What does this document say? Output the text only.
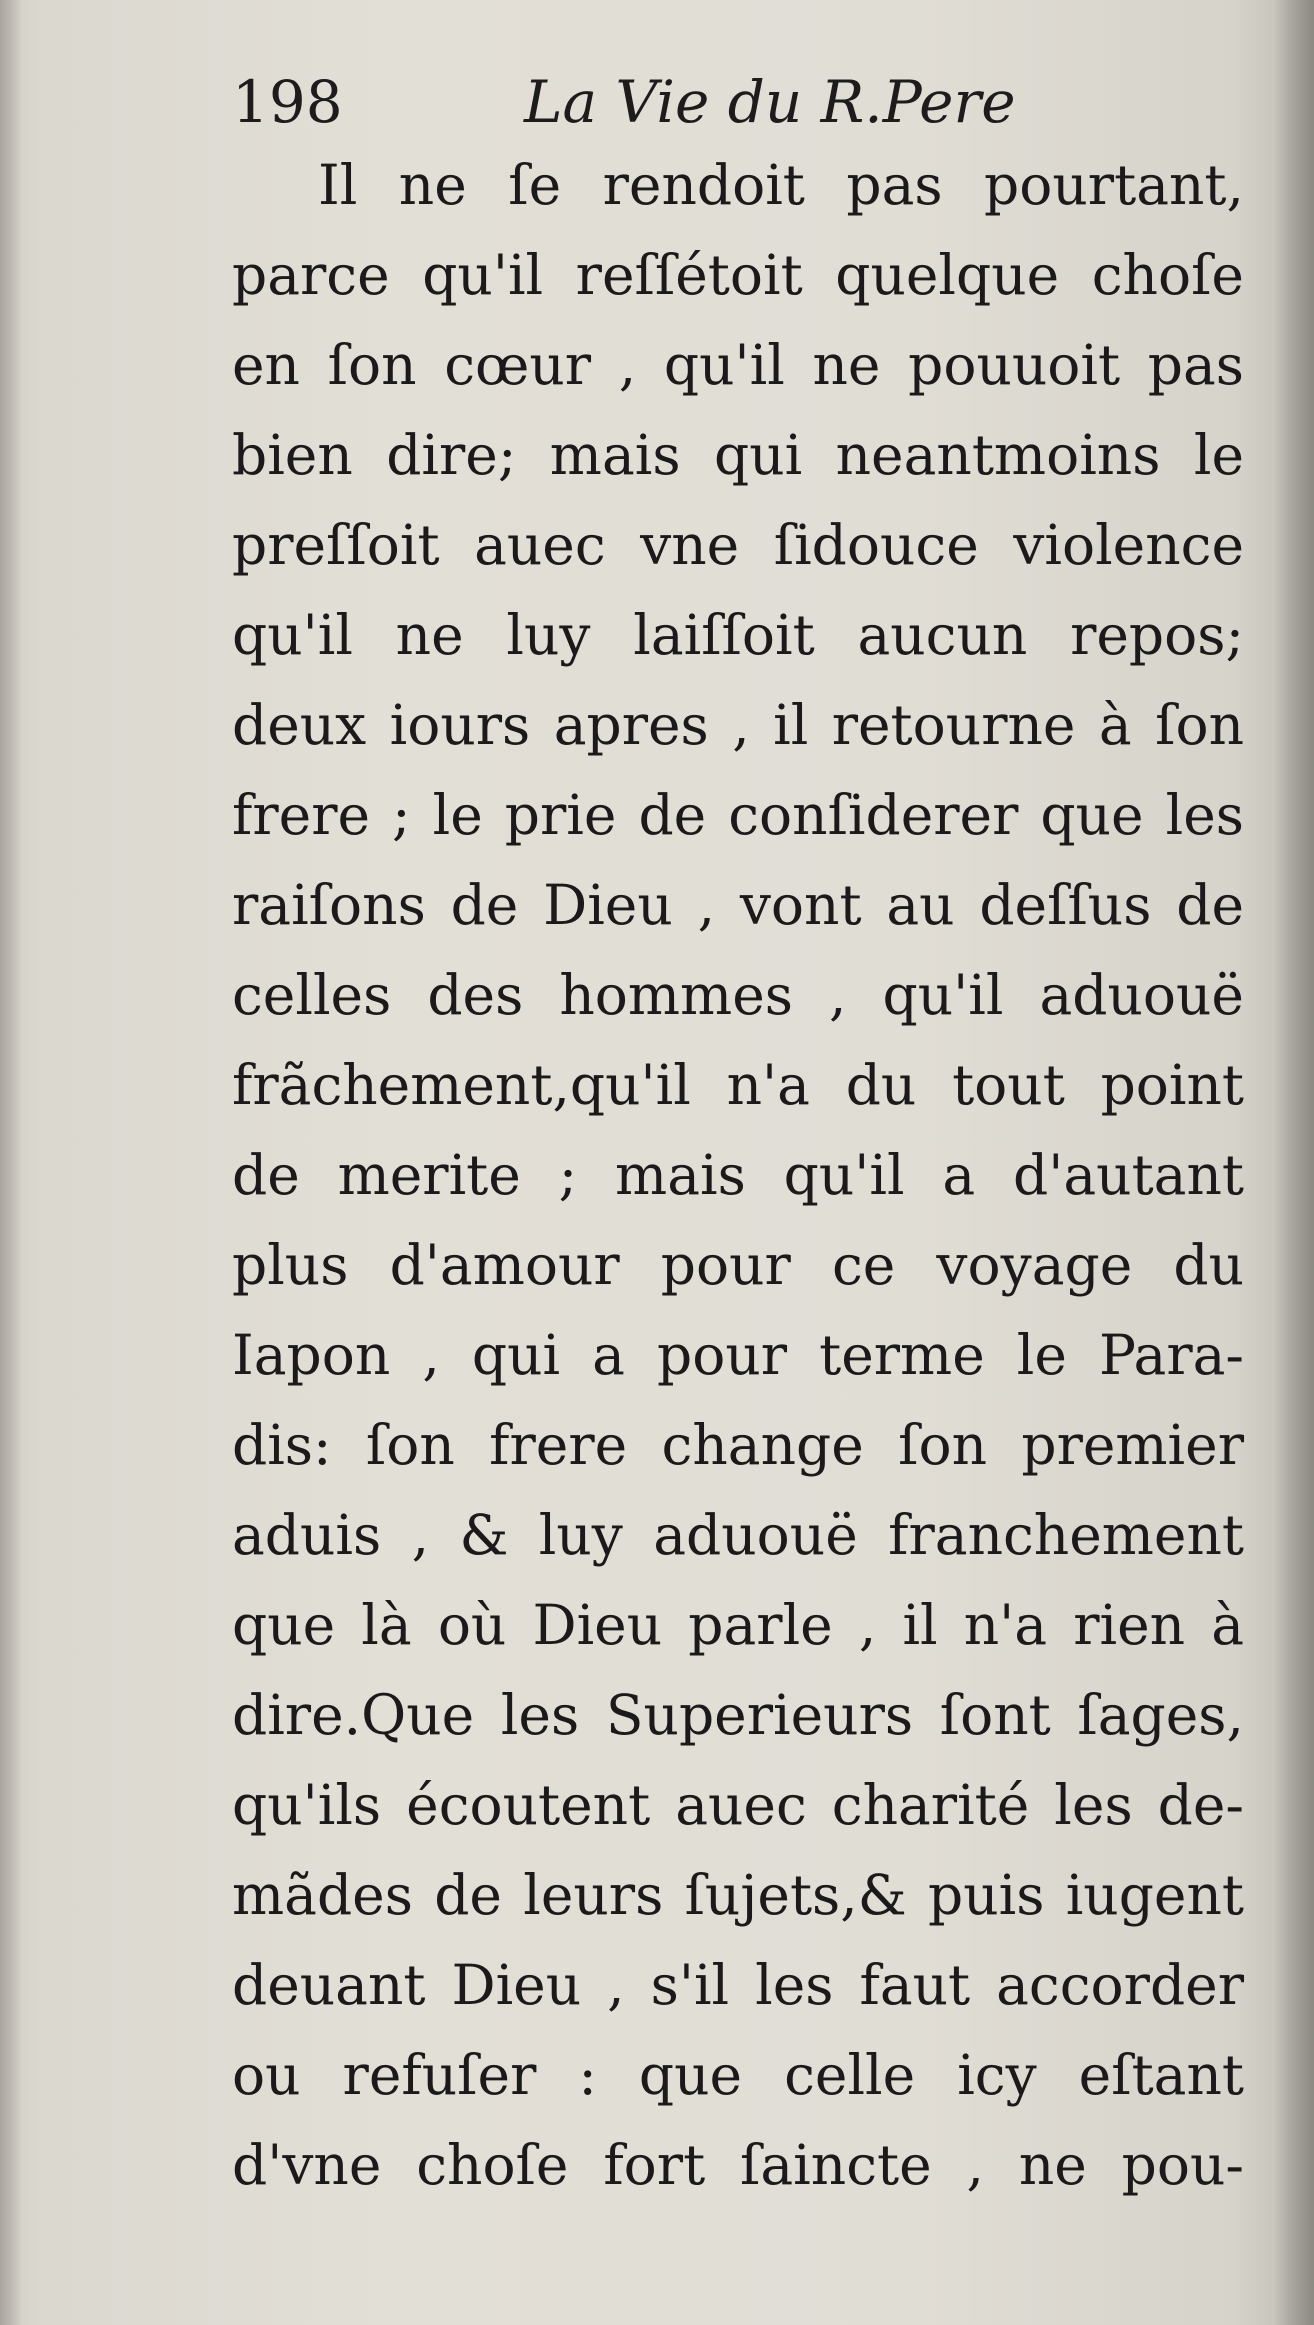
198	La Vie du R.Pere
Il ne ſe rendoit pas pourtant,
parce qu'il reſſétoit quelque choſe
en ſon cœur , qu'il ne pouuoit pas
bien dire; mais qui neantmoins le
preſſoit auec vne ſidouce violence
qu'il ne luy laiſſoit aucun repos;
deux iours apres , il retourne à ſon
frere ; le prie de conſiderer que les
raiſons de Dieu , vont au deſſus de
celles des hommes , qu'il aduouë
frãchement,qu'il n'a du tout point
de merite ; mais qu'il a d'autant
plus d'amour pour ce voyage du
Iapon , qui a pour terme le Para-
dis: ſon frere change ſon premier
aduis , & luy aduouë franchement
que là où Dieu parle , il n'a rien à
dire.Que les Superieurs ſont ſages,
qu'ils écoutent auec charité les de-
mãdes de leurs ſujets,& puis iugent
deuant Dieu , s'il les faut accorder
ou refuſer : que celle icy eſtant
d'vne choſe fort ſaincte , ne pou-
